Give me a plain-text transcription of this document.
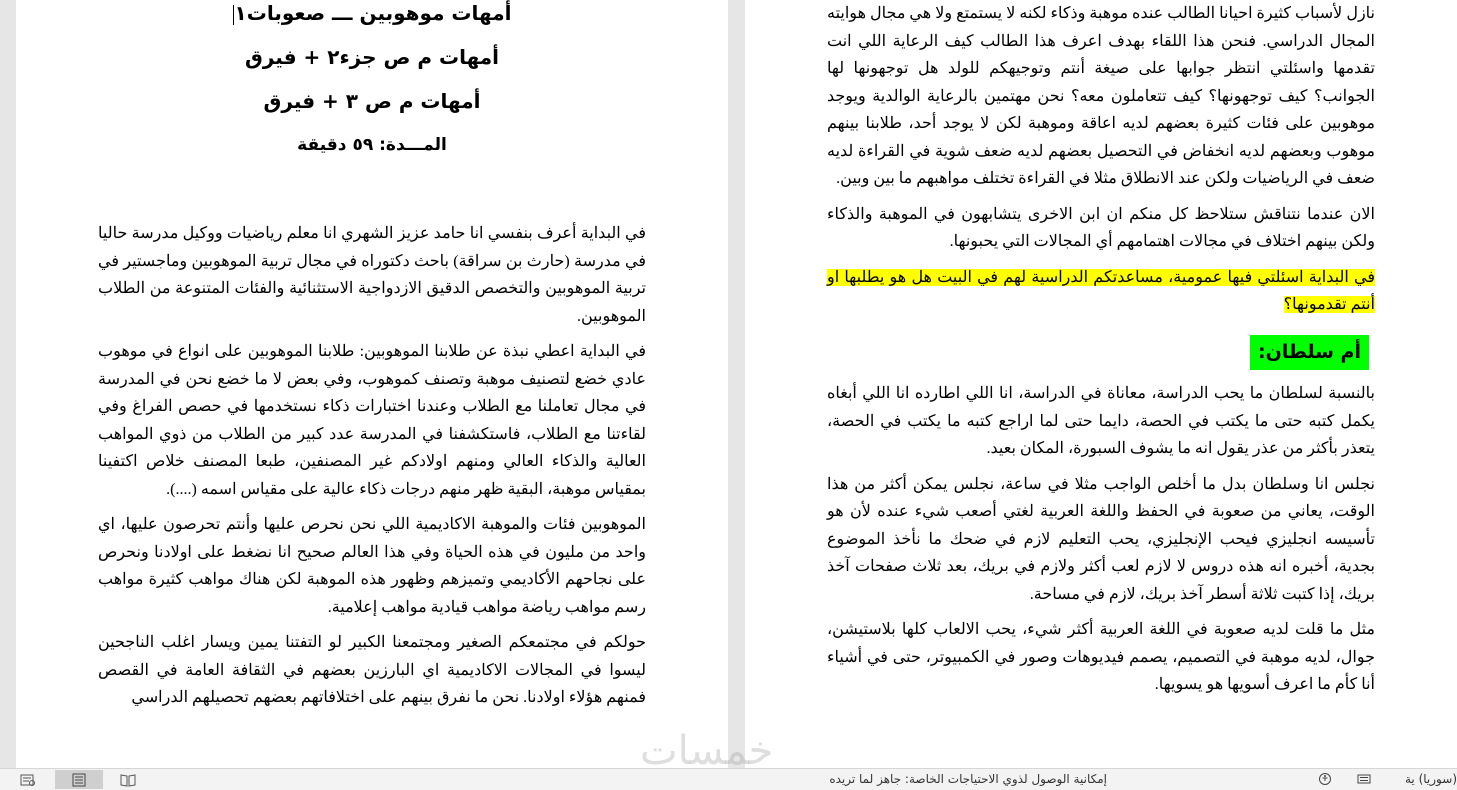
أمهات موهوبين ـــ صعوبات١
أمهات م ص جزء٢ + فيرق
أمهات م ص ٣ + فيرق
المـــدة: ٥٩ دقيقة

في البداية أعرف بنفسي انا حامد عزيز الشهري انا معلم رياضيات ووكيل مدرسة حاليا في مدرسة (حارث بن سراقة) باحث دكتوراه في مجال تربية الموهوبين وماجستير في تربية الموهوبين والتخصص الدقيق الازدواجية الاستثنائية والفئات المتنوعة من الطلاب الموهوبين.

في البداية اعطي نبذة عن طلابنا الموهوبين: طلابنا الموهوبين على انواع في موهوب عادي خضع لتصنيف موهبة وتصنف كموهوب، وفي بعض لا ما خضع نحن في المدرسة في مجال تعاملنا مع الطلاب وعندنا اختبارات ذكاء نستخدمها في حصص الفراغ وفي لقاءتنا مع الطلاب، فاستكشفنا في المدرسة عدد كبير من الطلاب من ذوي المواهب العالية والذكاء العالي ومنهم اولادكم غير المصنفين، طبعا المصنف خلاص اكتفينا بمقياس موهبة، البقية ظهر منهم درجات ذكاء عالية على مقياس اسمه (....).

الموهوبين فئات والموهبة الاكاديمية اللي نحن نحرص عليها وأنتم تحرصون عليها، اي واحد من مليون في هذه الحياة وفي هذا العالم صحيح انا نضغط على اولادنا ونحرص على نجاحهم الأكاديمي وتميزهم وظهور هذه الموهبة لكن هناك مواهب كثيرة مواهب رسم مواهب رياضة مواهب قيادية مواهب إعلامية.

حولكم في مجتمعكم الصغير ومجتمعنا الكبير لو التفتنا يمين ويسار اغلب الناجحين ليسوا في المجالات الاكاديمية اي البارزين بعضهم في الثقافة العامة في القصص فمنهم هؤلاء اولادنا. نحن ما نفرق بينهم على اختلافاتهم بعضهم تحصيلهم الدراسي

نازل لأسباب كثيرة احيانا الطالب عنده موهبة وذكاء لكنه لا يستمتع ولا هي مجال هوايته المجال الدراسي. فنحن هذا اللقاء بهدف اعرف هذا الطالب كيف الرعاية اللي انت تقدمها واسئلتي انتظر جوابها على صيغة أنتم وتوجيهكم للولد هل توجهونها لها الجوانب؟ كيف توجهونها؟ كيف تتعاملون معه؟ نحن مهتمين بالرعاية الوالدية ويوجد موهوبين على فئات كثيرة بعضهم لديه اعاقة وموهبة لكن لا يوجد أحد، طلابنا بينهم موهوب وبعضهم لديه انخفاض في التحصيل بعضهم لديه ضعف شوية في القراءة لديه ضعف في الرياضيات ولكن عند الانطلاق مثلا في القراءة تختلف مواهبهم ما بين وبين.

الان عندما نتناقش ستلاحظ كل منكم ان ابن الاخرى يتشابهون في الموهبة والذكاء ولكن بينهم اختلاف في مجالات اهتمامهم أي المجالات التي يحبونها.

في البداية اسئلتي فيها عمومية، مساعدتكم الدراسية لهم في البيت هل هو يطلبها او أنتم تقدمونها؟

أم سلطان:

بالنسبة لسلطان ما يحب الدراسة، معاناة في الدراسة، انا اللي اطارده انا اللي أبغاه يكمل كتبه حتى ما يكتب في الحصة، دايما حتى لما اراجع كتبه ما يكتب في الحصة، يتعذر بأكثر من عذر يقول انه ما يشوف السبورة، المكان بعيد.

نجلس انا وسلطان بدل ما أخلص الواجب مثلا في ساعة، نجلس يمكن أكثر من هذا الوقت، يعاني من صعوبة في الحفظ واللغة العربية لغتي أصعب شيء عنده لأن هو تأسيسه انجليزي فيحب الإنجليزي، يحب التعليم لازم في ضحك ما نأخذ الموضوع بجدية، أخبره انه هذه دروس لا لازم لعب أكثر ولازم في بريك، بعد ثلاث صفحات آخذ بريك، إذا كتبت ثلاثة أسطر آخذ بريك، لازم في مساحة.

مثل ما قلت لديه صعوبة في اللغة العربية أكثر شيء، يحب الالعاب كلها بلاستيشن، جوال، لديه موهبة في التصميم، يصمم فيديوهات وصور في الكمبيوتر، حتى في أشياء أنا كأم ما اعرف أسويها هو يسويها.

خمسات
إمكانية الوصول لذوي الاحتياجات الخاصة: جاهز لما تريده	(سوريا) ية
